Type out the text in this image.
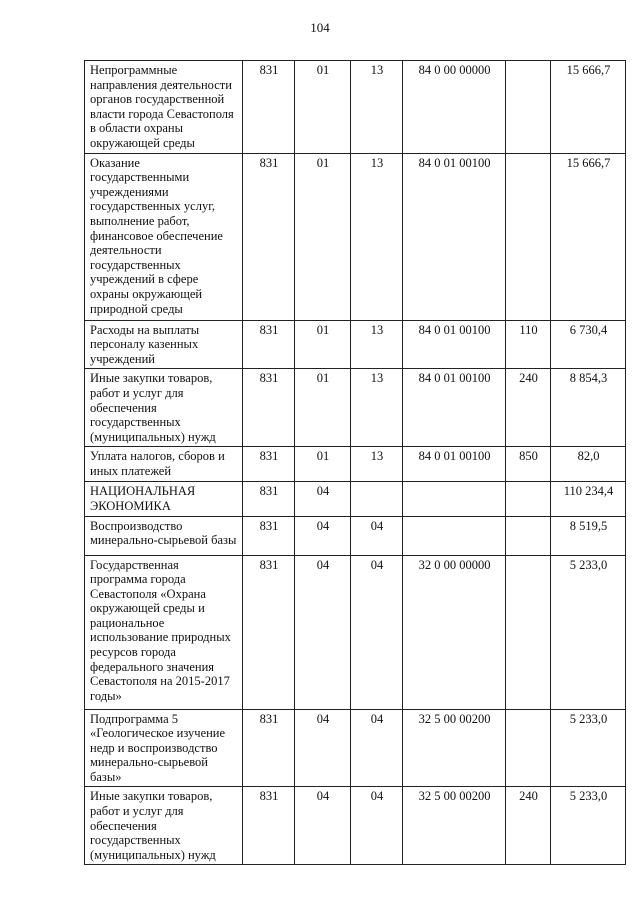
104
Непрограммные направления деятельности органов государственной власти города Севастополя в области охраны окружающей среды	831	01	13	84 0 00 00000		15 666,7
Оказание государственными учреждениями государственных услуг, выполнение работ, финансовое обеспечение деятельности государственных учреждений в сфере охраны окружающей природной среды	831	01	13	84 0 01 00100		15 666,7
Расходы на выплаты персоналу казенных учреждений	831	01	13	84 0 01 00100	110	6 730,4
Иные закупки товаров, работ и услуг для обеспечения государственных (муниципальных) нужд	831	01	13	84 0 01 00100	240	8 854,3
Уплата налогов, сборов и иных платежей	831	01	13	84 0 01 00100	850	82,0
НАЦИОНАЛЬНАЯ ЭКОНОМИКА	831	04				110 234,4
Воспроизводство минерально-сырьевой базы	831	04	04			8 519,5
Государственная программа города Севастополя «Охрана окружающей среды и рациональное использование природных ресурсов города федерального значения Севастополя на 2015-2017 годы»	831	04	04	32 0 00 00000		5 233,0
Подпрограмма 5 «Геологическое изучение недр и воспроизводство минерально-сырьевой базы»	831	04	04	32 5 00 00200		5 233,0
Иные закупки товаров, работ и услуг для обеспечения государственных (муниципальных) нужд	831	04	04	32 5 00 00200	240	5 233,0
